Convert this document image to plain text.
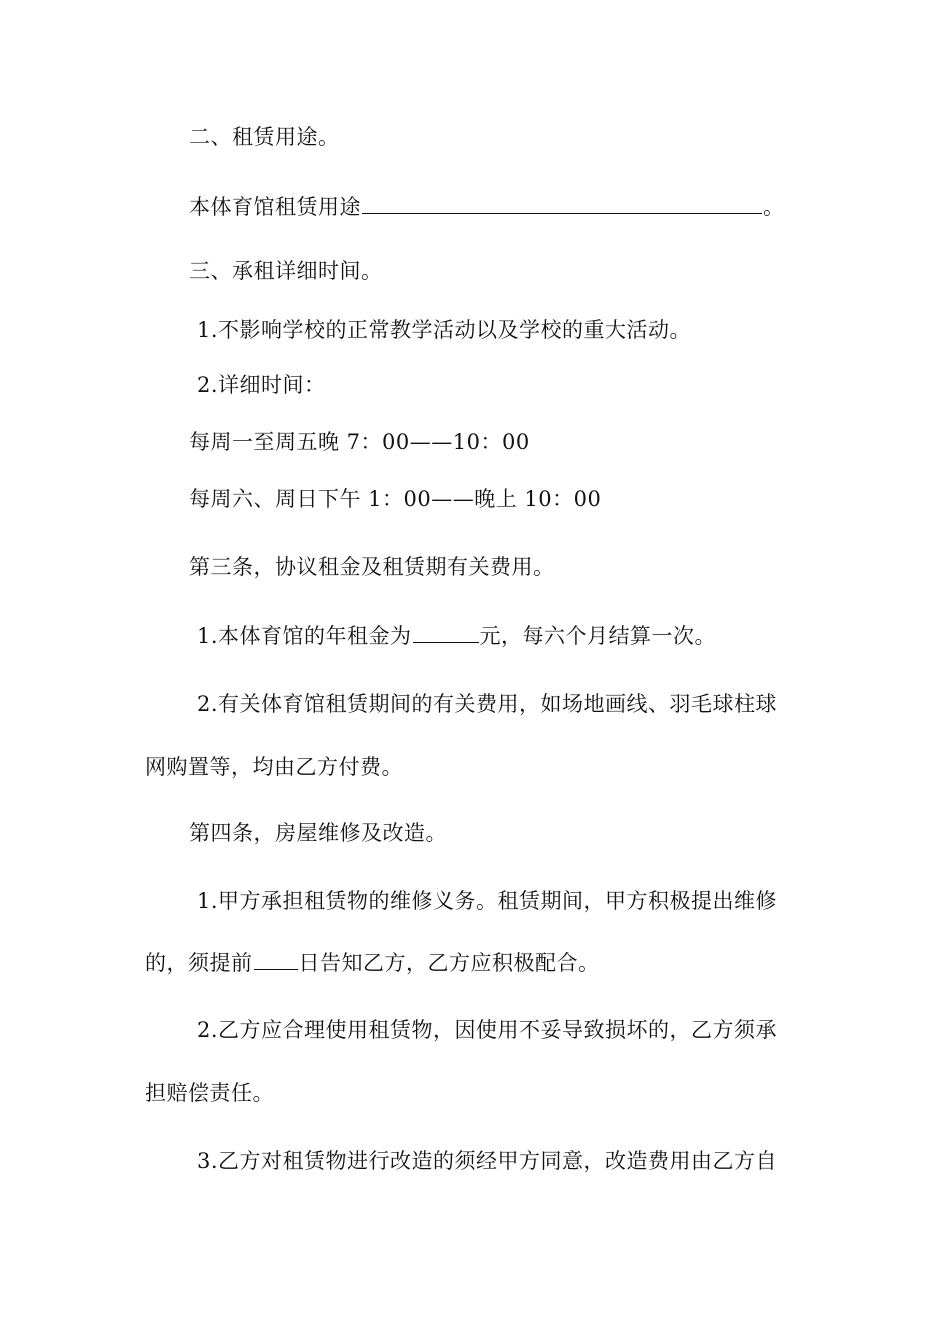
二、租赁用途。
本体育馆租赁用途	。
三、承租详细时间。
1.不影响学校的正常教学活动以及学校的重大活动。
2.详细时间：
每周一至周五晚 7：00——10：00
每周六、周日下午 1：00——晚上 10：00
第三条，协议租金及租赁期有关费用。
1.本体育馆的年租金为	元，每六个月结算一次。
2.有关体育馆租赁期间的有关费用，如场地画线、羽毛球柱球
网购置等，均由乙方付费。
第四条，房屋维修及改造。
1.甲方承担租赁物的维修义务。租赁期间，甲方积极提出维修
的，须提前 日告知乙方，乙方应积极配合。
2.乙方应合理使用租赁物，因使用不妥导致损坏的，乙方须承
担赔偿责任。
3.乙方对租赁物进行改造的须经甲方同意，改造费用由乙方自
